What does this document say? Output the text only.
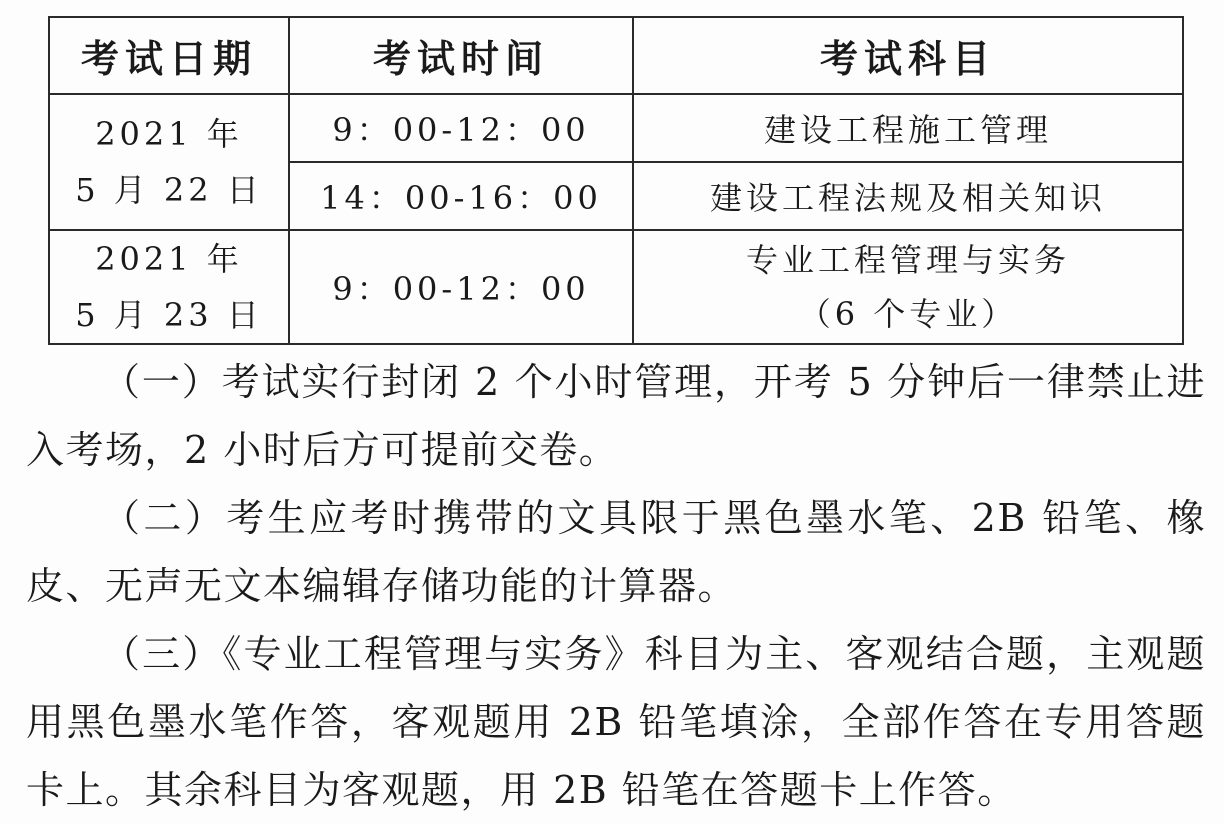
考试日期	考试时间	考试科目

2021 年
5 月 22 日	9：00-12：00	建设工程施工管理
	14：00-16：00	建设工程法规及相关知识

2021 年
5 月 23 日	9：00-12：00	专业工程管理与实务
（6 个专业）

（一）考试实行封闭 2 个小时管理，开考 5 分钟后一律禁止进入考场，2 小时后方可提前交卷。

（二）考生应考时携带的文具限于黑色墨水笔、2B 铅笔、橡皮、无声无文本编辑存储功能的计算器。

（三）《专业工程管理与实务》科目为主、客观结合题，主观题用黑色墨水笔作答，客观题用 2B 铅笔填涂，全部作答在专用答题卡上。其余科目为客观题，用 2B 铅笔在答题卡上作答。
